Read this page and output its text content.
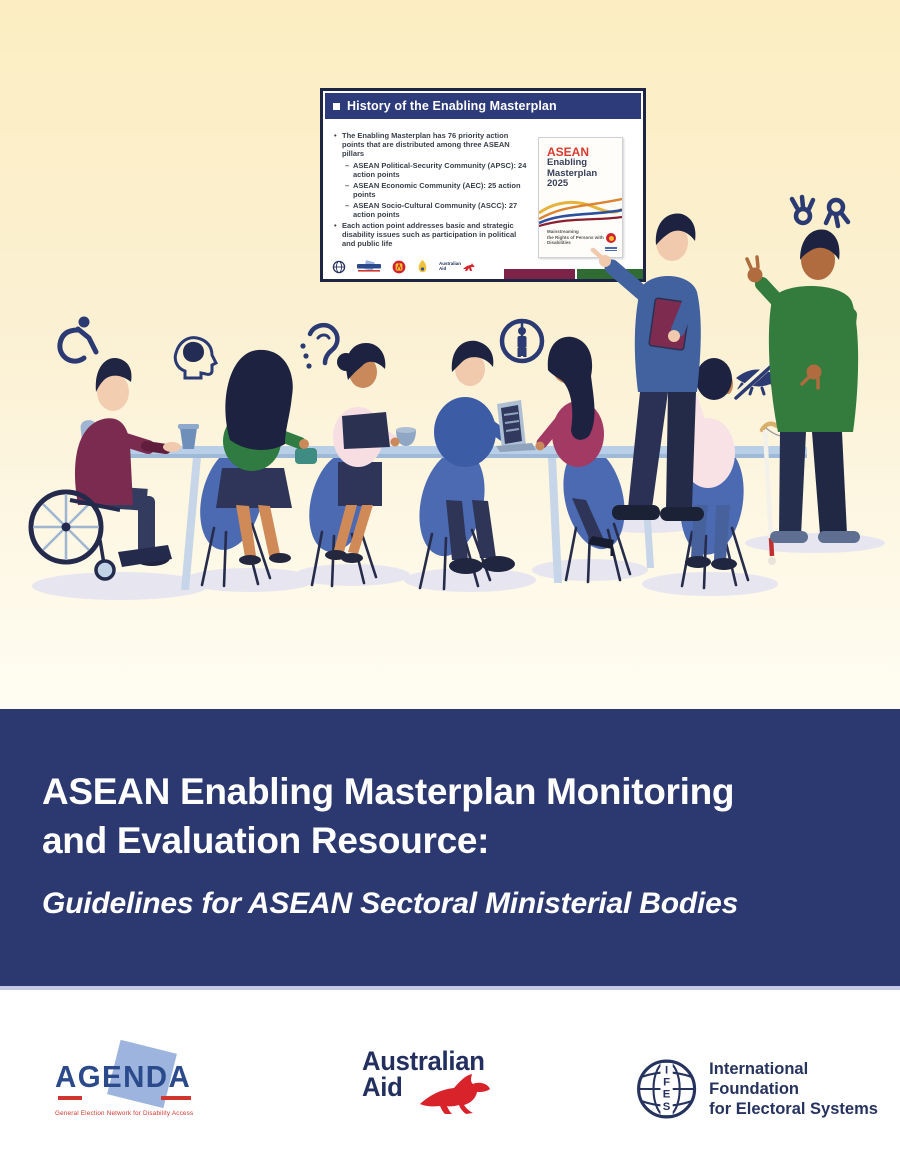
History of the Enabling Masterplan
• The Enabling Masterplan has 76 priority action points that are distributed among three ASEAN pillars
– ASEAN Political-Security Community (APSC): 24 action points
– ASEAN Economic Community (AEC): 25 action points
– ASEAN Socio-Cultural Community (ASCC): 27 action points
• Each action point addresses basic and strategic disability issues such as participation in political and public life
ASEAN
Enabling
Masterplan
2025
Mainstreaming
the Rights of Persons with Disabilities
Australian
Aid
ASEAN Enabling Masterplan Monitoring
and Evaluation Resource:
Guidelines for ASEAN Sectoral Ministerial Bodies
AGENDA
General Election Network for Disability Access
Australian
Aid
I
F
E
S
International Foundation
for Electoral Systems
